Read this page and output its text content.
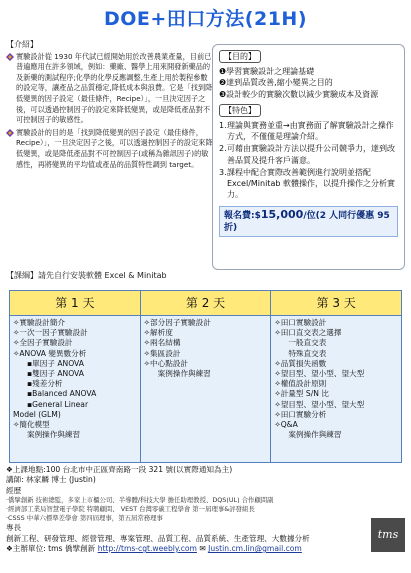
DOE+田口方法(21H)
【介紹】

實驗設計從 1930 年代試已經開始用於改善農業產量，目前已普遍應用在許多領域，例如：藥廠、醫學上用來開發新藥品的及新藥的測試程序;化學的化學反應調整,生產上用於製程參數的設定等，讓產品之品質穩定,降低成本與浪費。它是「找到降低變異的因子設定（最佳條件，Recipe）」，一旦決定因子之後，可以透過控制因子的設定來降低變異，或是降低產品對不可控制因子的敏感性。

實驗設計的目的是「找到降低變異的因子設定（最佳條件，Recipe）」，一旦決定因子之後，可以透過控制因子的設定來降低變異，或是降低產品對不可控制因子(或稱為雜訊因子)的敏感性，再將變異的平均值或產品的品質特性調到 target。

【目的】
❶學習實驗設計之理論基礎
❷達到品質改善,縮小變異之目的
❸設計較少的實驗次數以減少實驗成本及資源
【特色】
1. 理論與實務並重→由實務面了解實驗設計之操作方式，不僅僅是理論介紹。
2. 可藉由實驗設計方法以提升公司競爭力，達到改善品質及提升客戶滿意。
3. 課程中配合實際改善範例進行說明並搭配 Excel/Minitab 軟體操作，以提升操作之分析實力。
報名費:$15,000/位(2 人同行優惠 95 折)
【課綱】請先自行安裝軟體 Excel & Minitab
第 1 天	第 2 天	第 3 天
✧實驗設計簡介
✧一次一因子實驗設計
✧全因子實驗設計
✧ANOVA 變異數分析
▪單因子 ANOVA
▪雙因子 ANOVA
▪殘差分析
▪Balanced ANOVA
▪General Linear
Model (GLM)
✧簡化模型
案例操作與練習
✧部分因子實驗設計
✧解析度
✧兩名結構
✧集區設計
✧中心點設計
案例操作與練習
✧田口實驗設計
✧田口直交表之選擇
一般直交表
特殊直交表
✧品質損失函數
✧望目型、望小型、望大型
✧權值設計原則
✧計量型 S/N 比
✧望目型、望小型、望大型
✧田口實驗分析
✧Q&A
案例操作與練習
❖上課地點:100 台北市中正區齊南路一段 321 號(以實際通知為主)
講師: 林家麟 博士 (Justin)
經歷
‧僑擘創新 技術總監，多家上市櫃公司、半導體/科技大學 擔任助理教授、DQS(UL) 合作顧問副
‧經濟部工業局智慧電子學院 特聘顧問、 VEST 台灣零碳工程學會 第一屆理事&評發組長
‧CSSS 中華六標準差學會 第四屆理事，第五屆常務理事
專長
創新工程、研發管理、經營管理、專案管理、品質工程、品質系統、生產管理、大數據分析
❖主辦單位: tms 僑擘創新 http://tms-cgt.weebly.com ✉ Justin.cm.lin@gmail.com
tms
